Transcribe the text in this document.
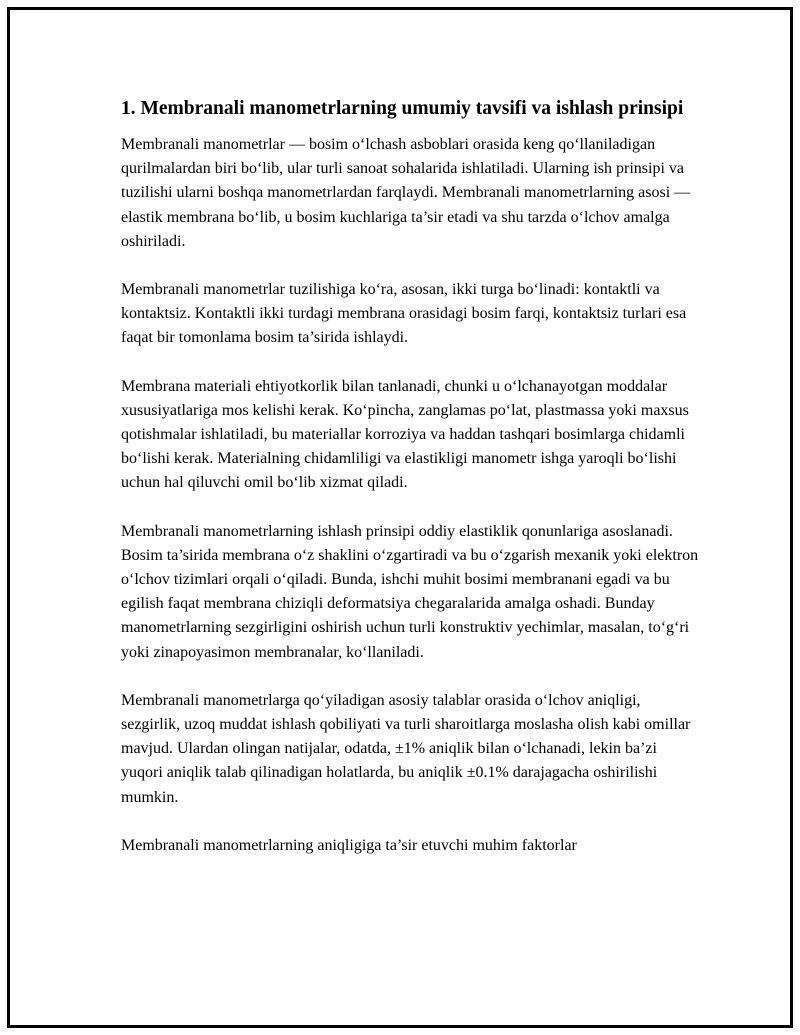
1. Membranali manometrlarning umumiy tavsifi va ishlash prinsipi

Membranali manometrlar — bosim o‘lchash asboblari orasida keng qo‘llaniladigan qurilmalardan biri bo‘lib, ular turli sanoat sohalarida ishlatiladi. Ularning ish prinsipi va tuzilishi ularni boshqa manometrlardan farqlaydi. Membranali manometrlarning asosi — elastik membrana bo‘lib, u bosim kuchlariga ta’sir etadi va shu tarzda o‘lchov amalga oshiriladi.

Membranali manometrlar tuzilishiga ko‘ra, asosan, ikki turga bo‘linadi: kontaktli va kontaktsiz. Kontaktli ikki turdagi membrana orasidagi bosim farqi, kontaktsiz turlari esa faqat bir tomonlama bosim ta’sirida ishlaydi.

Membrana materiali ehtiyotkorlik bilan tanlanadi, chunki u o‘lchanayotgan moddalar xususiyatlariga mos kelishi kerak. Ko‘pincha, zanglamas po‘lat, plastmassa yoki maxsus qotishmalar ishlatiladi, bu materiallar korroziya va haddan tashqari bosimlarga chidamli bo‘lishi kerak. Materialning chidamliligi va elastikligi manometr ishga yaroqli bo‘lishi uchun hal qiluvchi omil bo‘lib xizmat qiladi.

Membranali manometrlarning ishlash prinsipi oddiy elastiklik qonunlariga asoslanadi. Bosim ta’sirida membrana o‘z shaklini o‘zgartiradi va bu o‘zgarish mexanik yoki elektron o‘lchov tizimlari orqali o‘qiladi. Bunda, ishchi muhit bosimi membranani egadi va bu egilish faqat membrana chiziqli deformatsiya chegaralarida amalga oshadi. Bunday manometrlarning sezgirligini oshirish uchun turli konstruktiv yechimlar, masalan, to‘g‘ri yoki zinapoyasimon membranalar, ko‘llaniladi.

Membranali manometrlarga qo‘yiladigan asosiy talablar orasida o‘lchov aniqligi, sezgirlik, uzoq muddat ishlash qobiliyati va turli sharoitlarga moslasha olish kabi omillar mavjud. Ulardan olingan natijalar, odatda, ±1% aniqlik bilan o‘lchanadi, lekin ba’zi yuqori aniqlik talab qilinadigan holatlarda, bu aniqlik ±0.1% darajagacha oshirilishi mumkin.

Membranali manometrlarning aniqligiga ta’sir etuvchi muhim faktorlar
